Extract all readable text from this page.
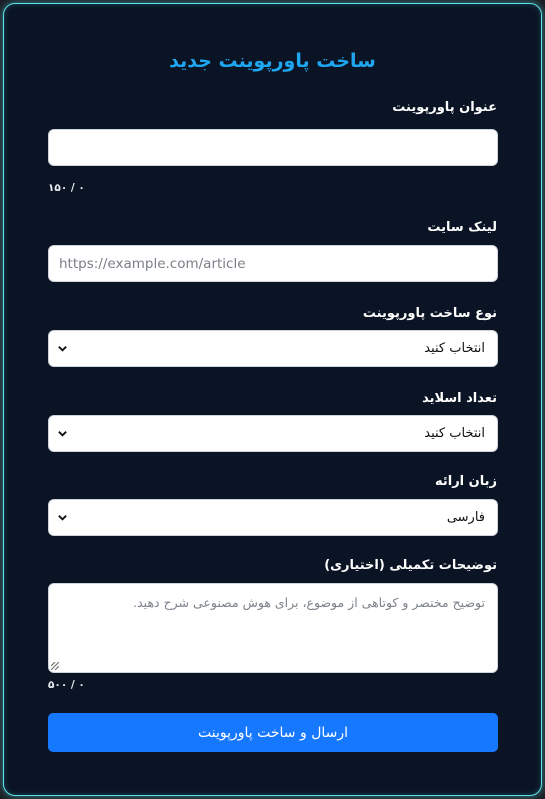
ساخت پاورپوینت جدید
عنوان پاورپوینت
۱۵۰ / ۰
لینک سایت
https://example.com/article
نوع ساخت پاورپوینت
انتخاب کنید
تعداد اسلاید
انتخاب کنید
زبان ارائه
فارسی
توضیحات تکمیلی (اختیاری)
توضیح مختصر و کوتاهی از موضوع، برای هوش مصنوعی شرح دهید.
۵۰۰ / ۰
ارسال و ساخت پاورپوینت
